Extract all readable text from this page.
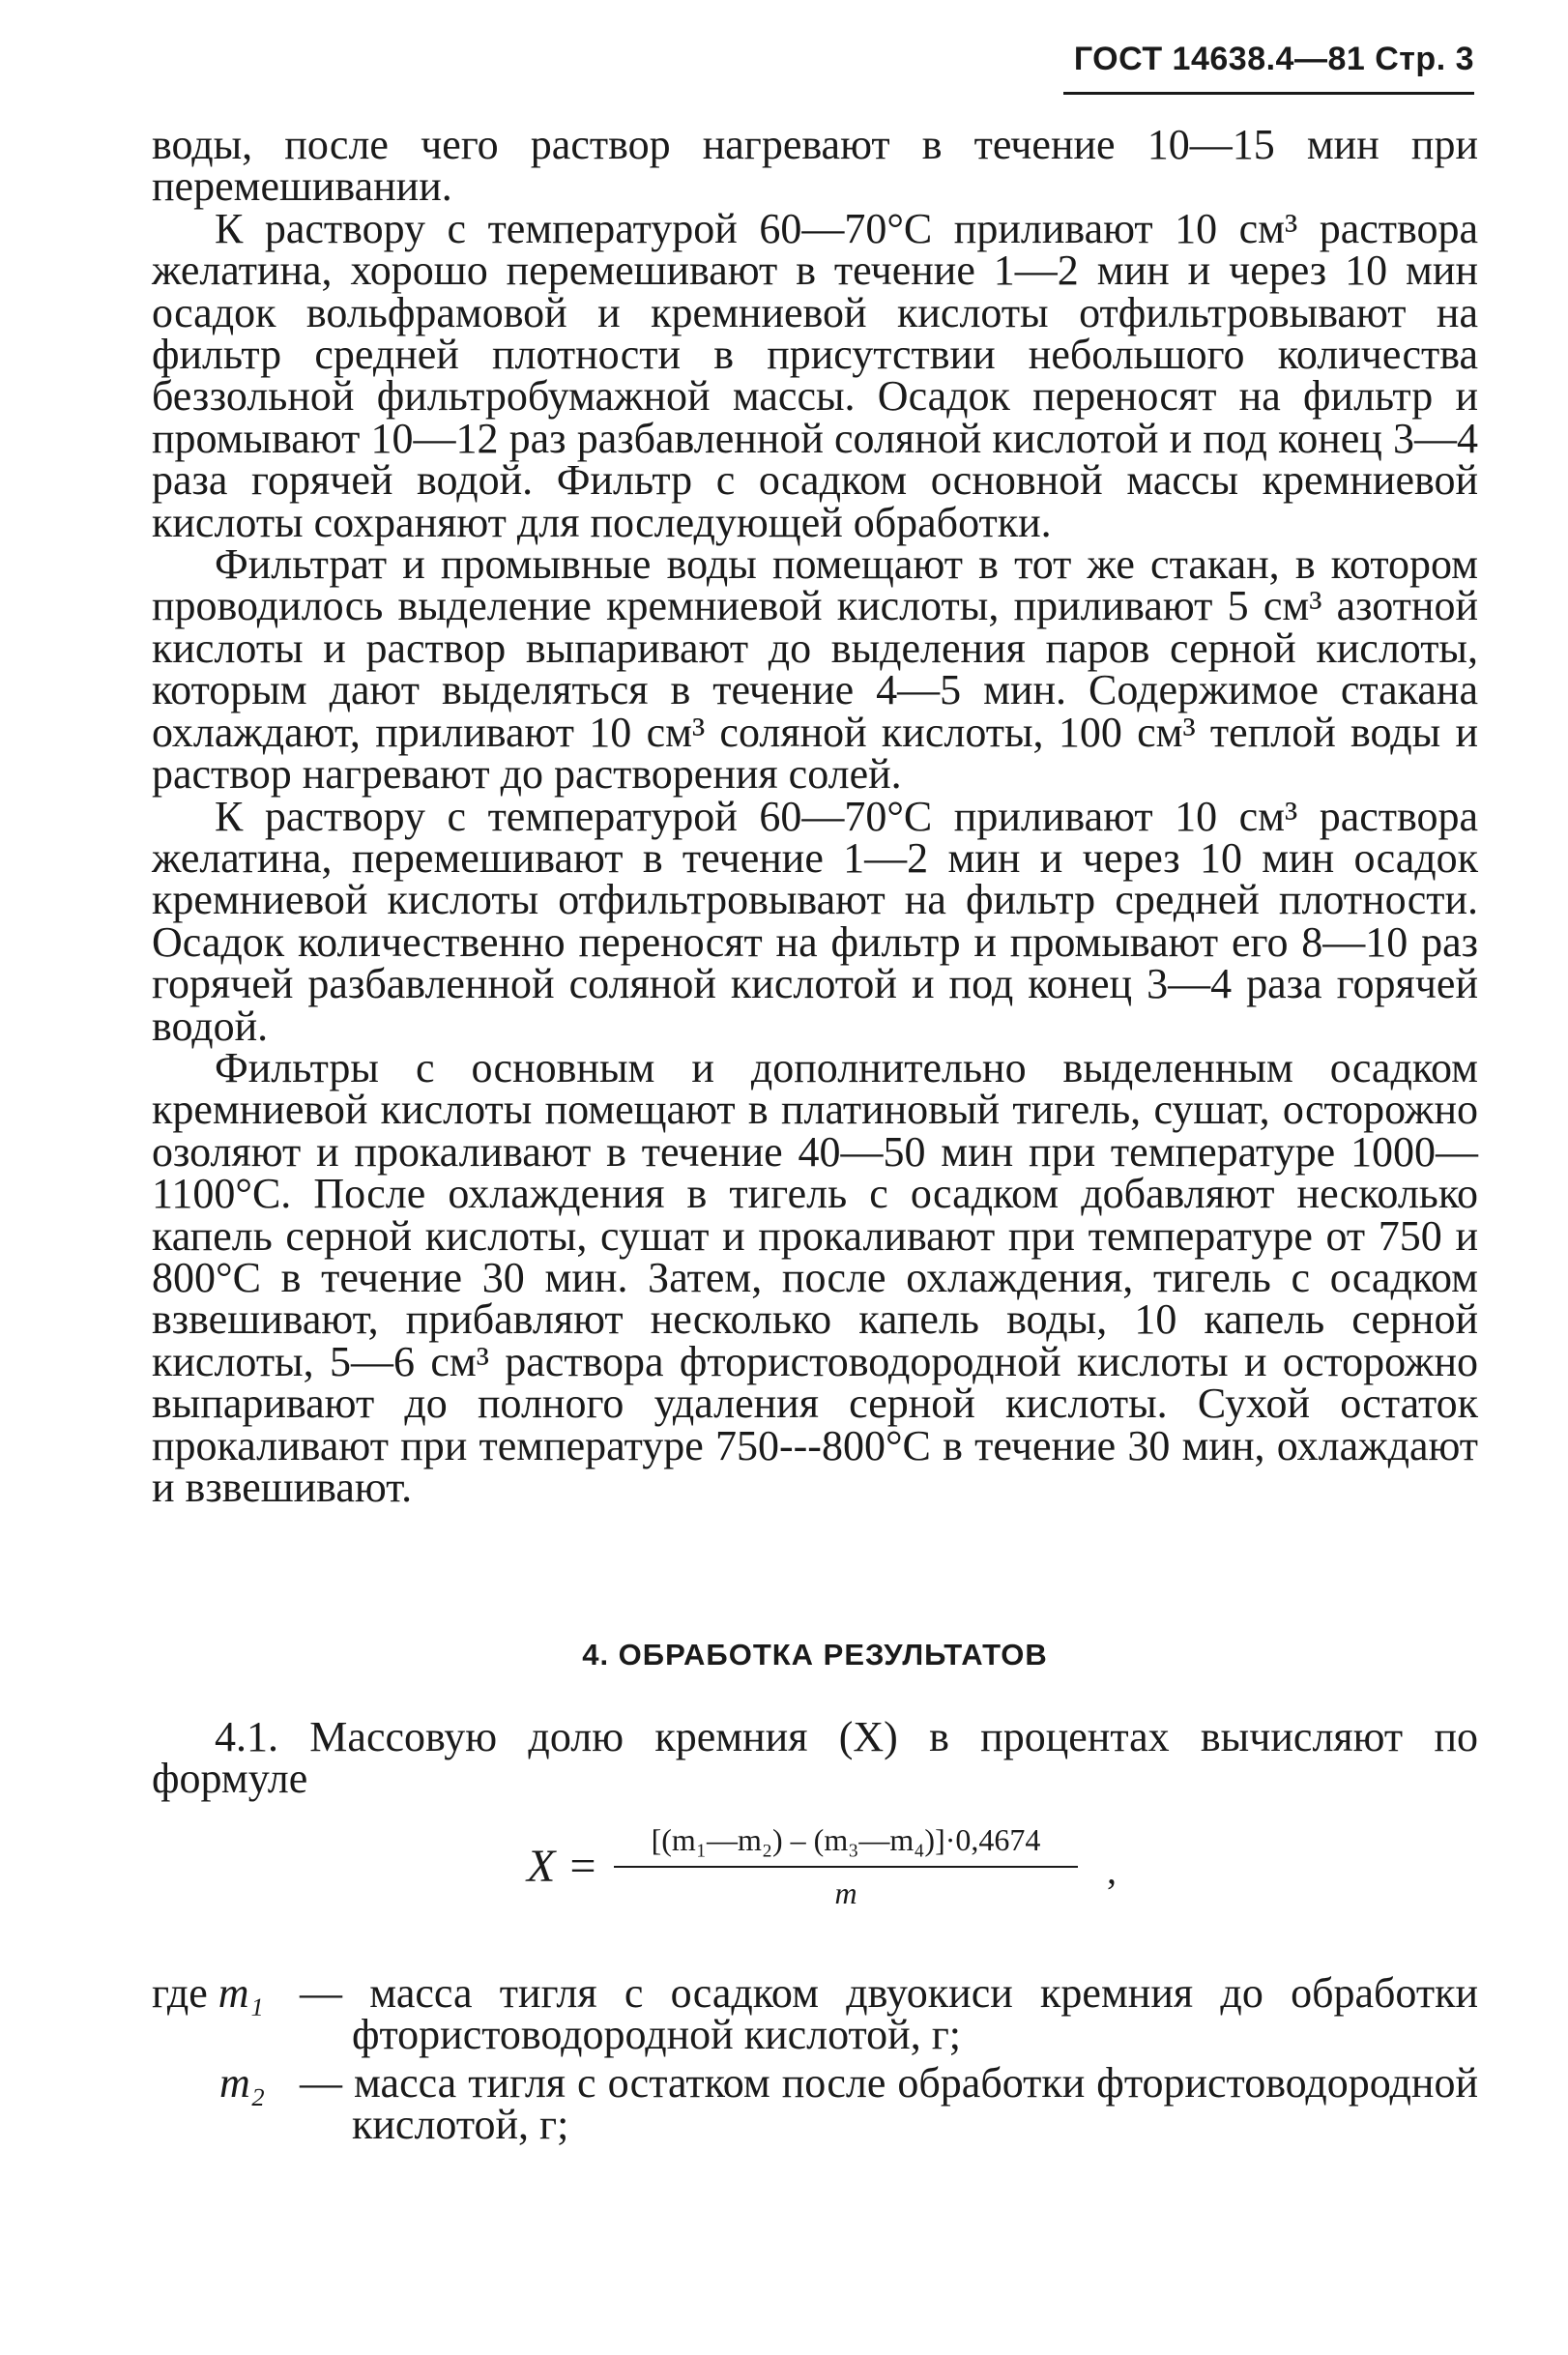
ГОСТ 14638.4—81 Стр. 3

воды, после чего раствор нагревают в течение 10—15 мин при перемешивании.

К раствору с температурой 60—70°С приливают 10 см³ раствора желатина, хорошо перемешивают в течение 1—2 мин и через 10 мин осадок вольфрамовой и кремниевой кислоты отфильтровывают на фильтр средней плотности в присутствии небольшого количества беззольной фильтробумажной массы. Осадок переносят на фильтр и промывают 10—12 раз разбавленной соляной кислотой и под конец 3—4 раза горячей водой. Фильтр с осадком основной массы кремниевой кислоты сохраняют для последующей обработки.

Фильтрат и промывные воды помещают в тот же стакан, в котором проводилось выделение кремниевой кислоты, приливают 5 см³ азотной кислоты и раствор выпаривают до выделения паров серной кислоты, которым дают выделяться в течение 4—5 мин. Содержимое стакана охлаждают, приливают 10 см³ соляной кислоты, 100 см³ теплой воды и раствор нагревают до растворения солей.

К раствору с температурой 60—70°С приливают 10 см³ раствора желатина, перемешивают в течение 1—2 мин и через 10 мин осадок кремниевой кислоты отфильтровывают на фильтр средней плотности. Осадок количественно переносят на фильтр и промывают его 8—10 раз горячей разбавленной соляной кислотой и под конец 3—4 раза горячей водой.

Фильтры с основным и дополнительно выделенным осадком кремниевой кислоты помещают в платиновый тигель, сушат, осторожно озоляют и прокаливают в течение 40—50 мин при температуре 1000—1100°С. После охлаждения в тигель с осадком добавляют несколько капель серной кислоты, сушат и прокаливают при температуре от 750 и 800°С в течение 30 мин. Затем, после охлаждения, тигель с осадком взвешивают, прибавляют несколько капель воды, 10 капель серной кислоты, 5—6 см³ раствора фтористоводородной кислоты и осторожно выпаривают до полного удаления серной кислоты. Сухой остаток прокаливают при температуре 750---800°С в течение 30 мин, охлаждают и взвешивают.

4. ОБРАБОТКА РЕЗУЛЬТАТОВ

4.1. Массовую долю кремния (X) в процентах вычисляют по формуле

X =
[(m₁—m₂) – (m₃—m₄)]·0,4674
m
,
где m₁ — масса тигля с осадком двуокиси кремния до обработки фтористоводородной кислотой, г;
m₂ — масса тигля с остатком после обработки фтористоводородной кислотой, г;
